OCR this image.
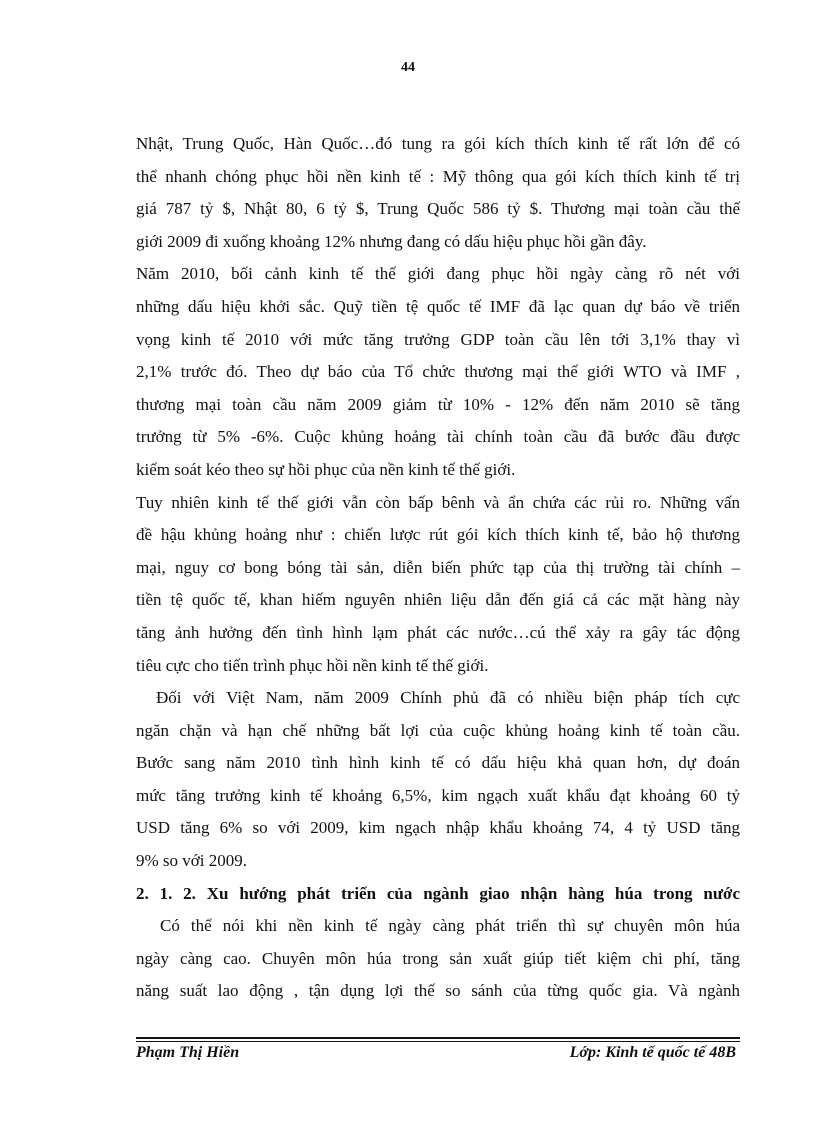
44
Nhật, Trung Quốc, Hàn Quốc…đó tung ra gói kích thích kinh tế rất lớn để có
thể nhanh chóng phục hồi nền kinh tế : Mỹ thông qua gói kích thích kinh tế trị
giá 787 tỷ $, Nhật 80, 6 tỷ $, Trung Quốc 586 tỷ $. Thương mại toàn cầu thế
giới 2009 đi xuống khoảng 12% nhưng đang có dấu hiệu phục hồi gần đây.
Năm 2010, bối cảnh kinh tế thế giới đang phục hồi ngày càng rõ nét với
những dấu hiệu khởi sắc. Quỹ tiền tệ quốc tế IMF đã lạc quan dự báo về triển
vọng kinh tế 2010 với mức tăng trưởng GDP toàn cầu lên tới 3,1% thay vì
2,1% trước đó. Theo dự báo của Tổ chức thương mại thế giới WTO và IMF ,
thương mại toàn cầu năm 2009 giảm từ 10% - 12% đến năm 2010 sẽ tăng
trưởng từ 5% -6%. Cuộc khủng hoảng tài chính toàn cầu đã bước đầu được
kiểm soát kéo theo sự hồi phục của nền kinh tế thế giới.
Tuy nhiên kinh tế thế giới vẫn còn bấp bênh và ẩn chứa các rủi ro. Những vấn
đề hậu khủng hoảng như : chiến lược rút gói kích thích kinh tế, bảo hộ thương
mại, nguy cơ bong bóng tài sản, diễn biến phức tạp của thị trường tài chính –
tiền tệ quốc tế, khan hiếm nguyên nhiên liệu dẫn đến giá cả các mặt hàng này
tăng ảnh hưởng đến tình hình lạm phát các nước…cú thể xảy ra gây tác động
tiêu cực cho tiến trình phục hồi nền kinh tế thế giới.
Đối với Việt Nam, năm 2009 Chính phủ đã có nhiều biện pháp tích cực
ngăn chặn và hạn chế những bất lợi của cuộc khủng hoảng kinh tế toàn cầu.
Bước sang năm 2010 tình hình kinh tế có dấu hiệu khả quan hơn, dự đoán
mức tăng trưởng kinh tế khoảng 6,5%, kim ngạch xuất khẩu đạt khoảng 60 tỷ
USD tăng 6% so với 2009, kim ngạch nhập khẩu khoảng 74, 4 tỷ USD tăng
9% so với 2009.
2. 1. 2. Xu hướng phát triển của ngành giao nhận hàng húa trong nước
Có thể nói khi nền kinh tế ngày càng phát triển thì sự chuyên môn húa
ngày càng cao. Chuyên môn húa trong sản xuất giúp tiết kiệm chi phí, tăng
năng suất lao động , tận dụng lợi thế so sánh của từng quốc gia. Và ngành
Phạm Thị Hiền	Lớp: Kinh tế quốc tế 48B
